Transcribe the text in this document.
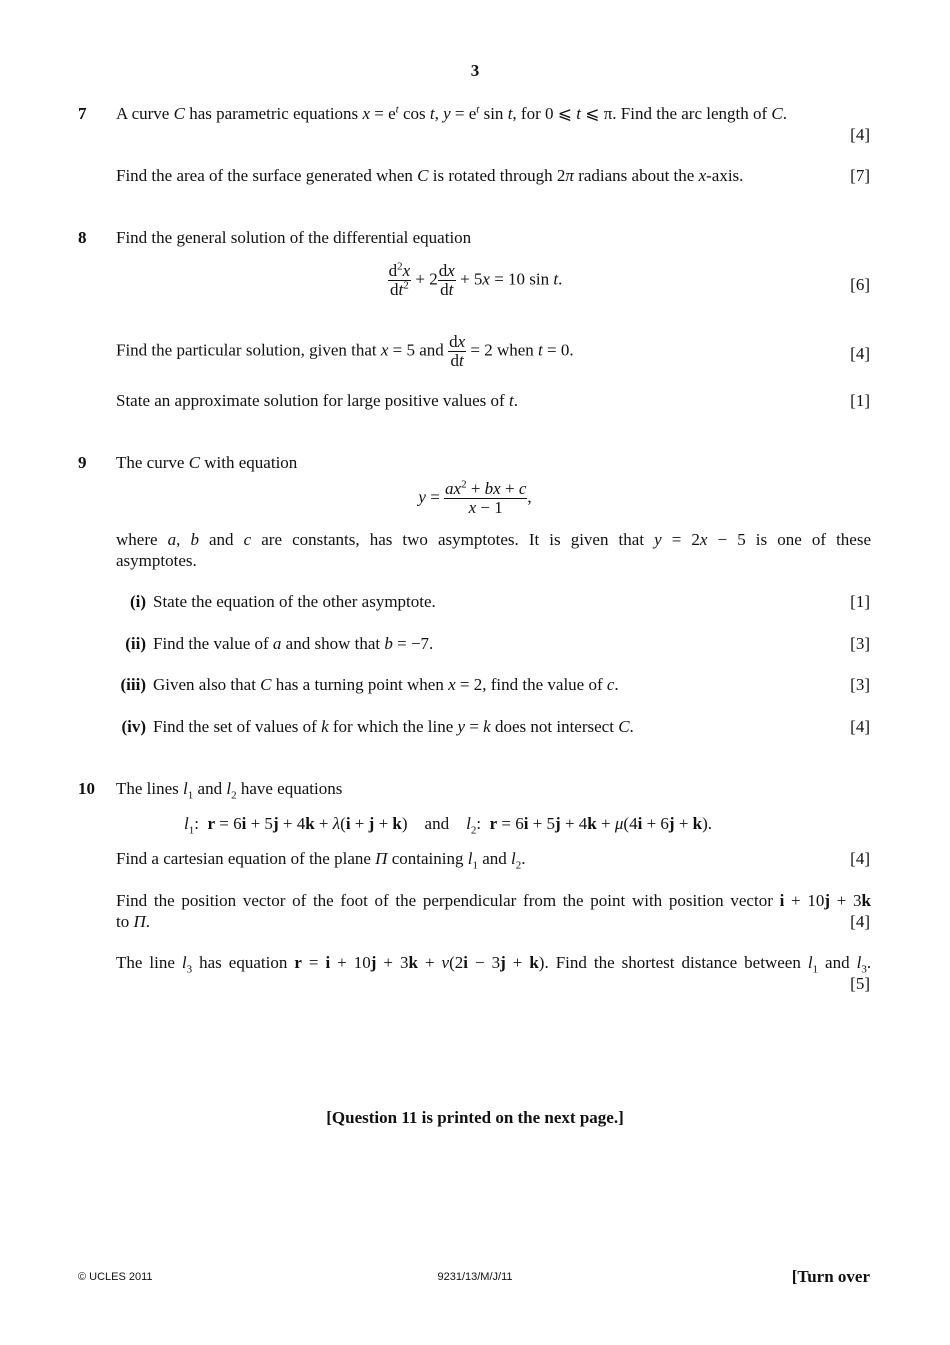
3
7 A curve C has parametric equations $x = e^t$ cos t, $y = e^t$ sin t, for 0 ⩽ t ⩽ π. Find the arc length of C.
[4]
Find the area of the surface generated when C is rotated through 2π radians about the x-axis.	[7]
8 Find the general solution of the differential equation
$\frac{d^2x}{dt^2} + 2 \frac{dx}{dt} + 5x = 10$ sin t.	[6]
Find the particular solution, given that x = 5 and $\frac{dx}{dt} = 2$ when t = 0.	[4]
State an approximate solution for large positive values of t.	[1]
9 The curve C with equation
$y = \frac{ax^2 + bx + c}{x - 1}$ ,
where a, b and c are constants, has two asymptotes. It is given that y = 2x − 5 is one of these
asymptotes.
(i) State the equation of the other asymptote.	[1]
(ii) Find the value of a and show that b = −7.	[3]
(iii) Given also that C has a turning point when x = 2, find the value of c.	[3]
(iv) Find the set of values of k for which the line y = k does not intersect C.	[4]
10 The lines $l_1$ and $l_2$ have equations
$l_1$:  r = 6i + 5j + 4k + λ(i + j + k)    and    $l_2$:  r = 6i + 5j + 4k + μ(4i + 6j + k).
Find a cartesian equation of the plane Π containing $l_1$ and $l_2$.	[4]
Find the position vector of the foot of the perpendicular from the point with position vector i + 10j + 3k
to Π.	[4]
The line $l_3$ has equation r = i + 10j + 3k + ν(2i − 3j + k). Find the shortest distance between $l_1$ and $l_3$.
[5]
[Question 11 is printed on the next page.]
© UCLES 2011	9231/13/M/J/11	[Turn over
